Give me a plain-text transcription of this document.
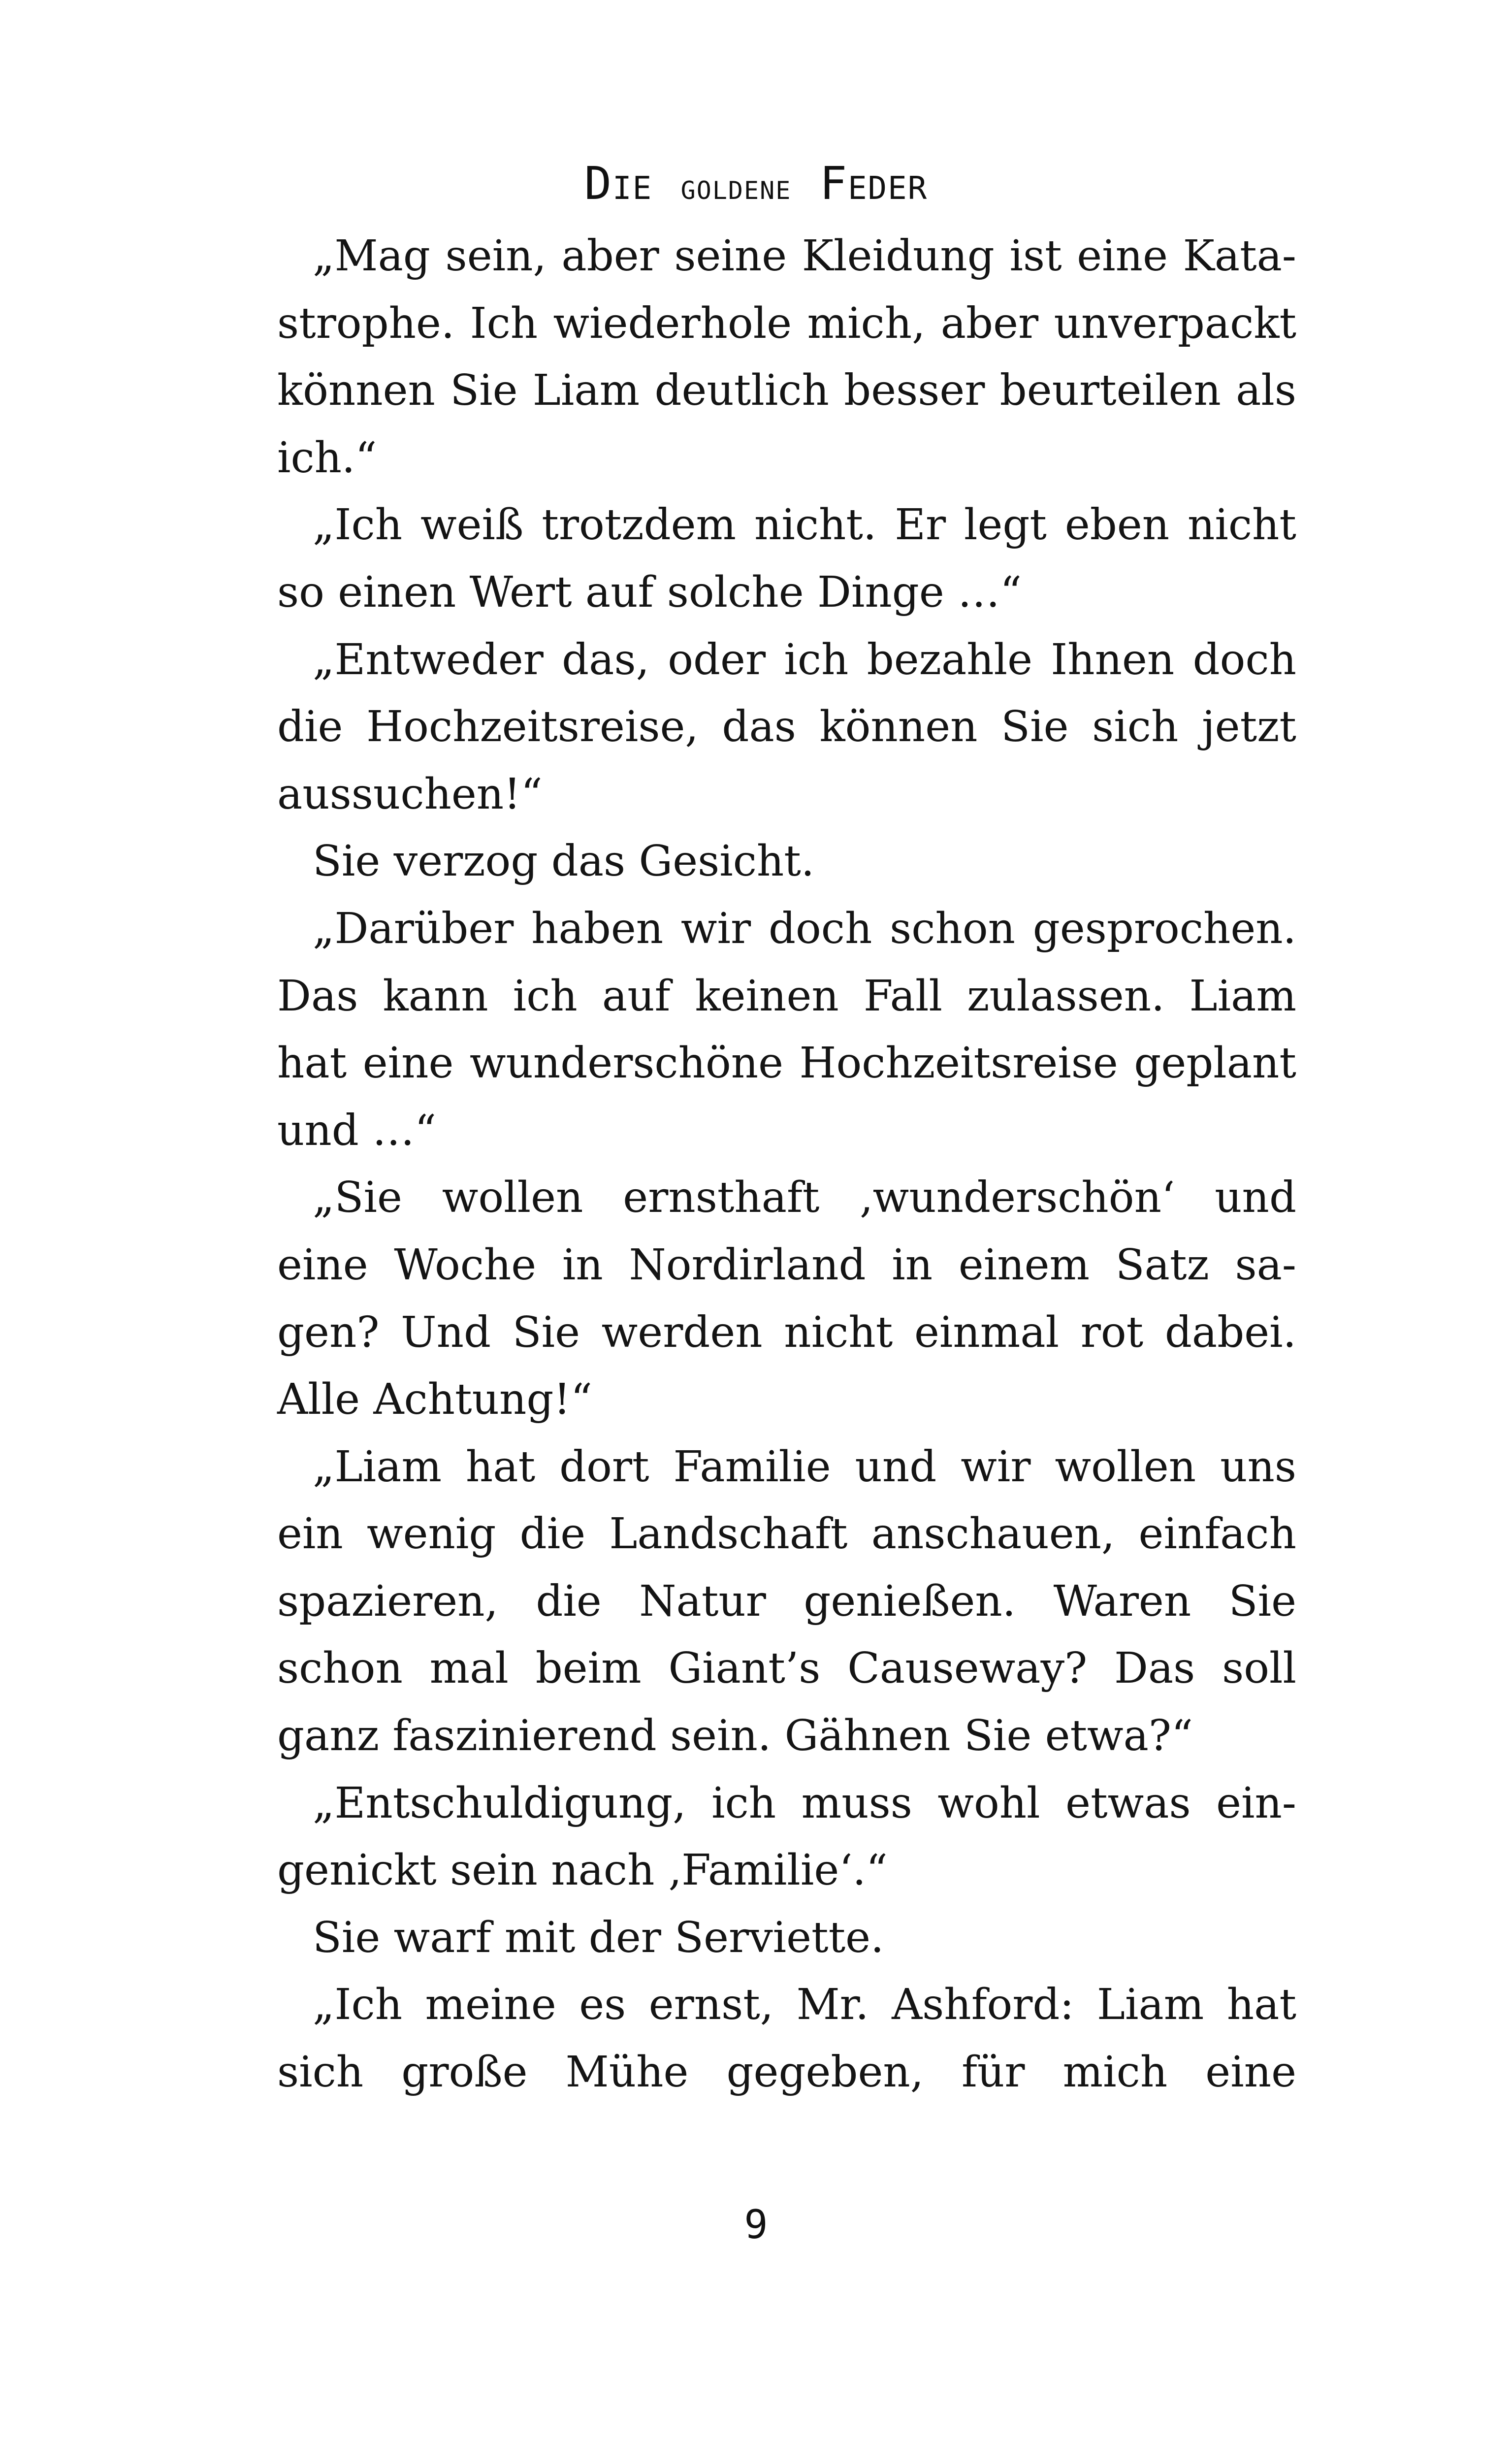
Die goldene Feder
„Mag sein, aber seine Kleidung ist eine Kata-
strophe. Ich wiederhole mich, aber unverpackt
können Sie Liam deutlich besser beurteilen als
ich.“
„Ich weiß trotzdem nicht. Er legt eben nicht
so einen Wert auf solche Dinge …“
„Entweder das, oder ich bezahle Ihnen doch
die Hochzeitsreise, das können Sie sich jetzt
aussuchen!“
Sie verzog das Gesicht.
„Darüber haben wir doch schon gesprochen.
Das kann ich auf keinen Fall zulassen. Liam
hat eine wunderschöne Hochzeitsreise geplant
und …“
„Sie wollen ernsthaft ‚wunderschön‘ und
eine Woche in Nordirland in einem Satz sa-
gen? Und Sie werden nicht einmal rot dabei.
Alle Achtung!“
„Liam hat dort Familie und wir wollen uns
ein wenig die Landschaft anschauen, einfach
spazieren, die Natur genießen. Waren Sie
schon mal beim Giant’s Causeway? Das soll
ganz faszinierend sein. Gähnen Sie etwa?“
„Entschuldigung, ich muss wohl etwas ein-
genickt sein nach ‚Familie‘.“
Sie warf mit der Serviette.
„Ich meine es ernst, Mr. Ashford: Liam hat
sich große Mühe gegeben, für mich eine
9
